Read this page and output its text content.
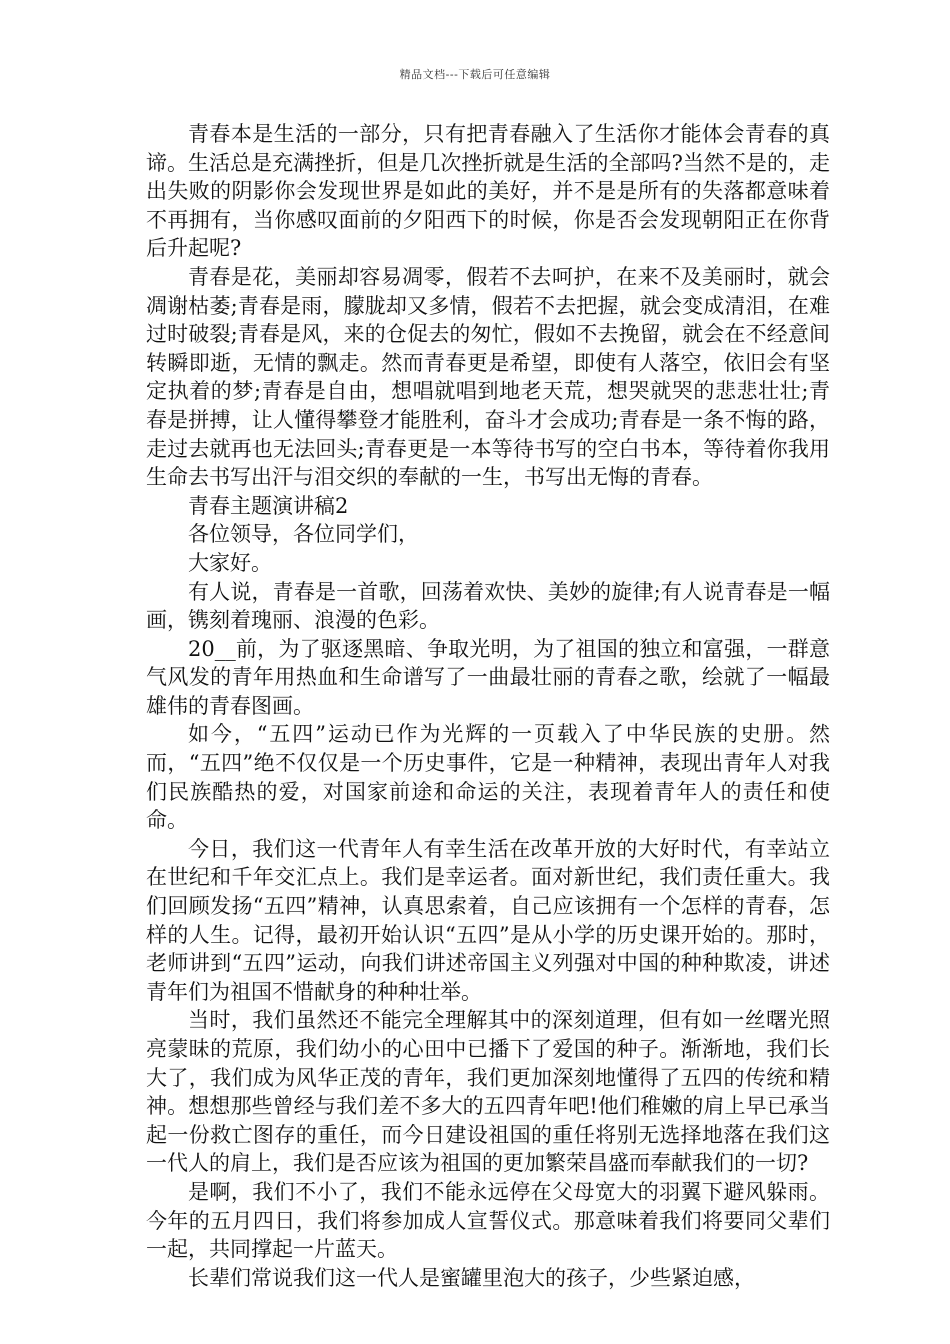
精品文档---下载后可任意编辑

青春本是生活的一部分，只有把青春融入了生活你才能体会青春的真谛。生活总是充满挫折，但是几次挫折就是生活的全部吗?当然不是的，走出失败的阴影你会发现世界是如此的美好，并不是是所有的失落都意味着不再拥有，当你感叹面前的夕阳西下的时候，你是否会发现朝阳正在你背后升起呢?

青春是花，美丽却容易凋零，假若不去呵护，在来不及美丽时，就会凋谢枯萎;青春是雨，朦胧却又多情，假若不去把握，就会变成清泪，在难过时破裂;青春是风，来的仓促去的匆忙，假如不去挽留，就会在不经意间转瞬即逝，无情的飘走。然而青春更是希望，即使有人落空，依旧会有坚定执着的梦;青春是自由，想唱就唱到地老天荒，想哭就哭的悲悲壮壮;青春是拼搏，让人懂得攀登才能胜利，奋斗才会成功;青春是一条不悔的路，走过去就再也无法回头;青春更是一本等待书写的空白书本，等待着你我用生命去书写出汗与泪交织的奉献的一生，书写出无悔的青春。

青春主题演讲稿2

各位领导，各位同学们，

大家好。

有人说，青春是一首歌，回荡着欢快、美妙的旋律;有人说青春是一幅画，镌刻着瑰丽、浪漫的色彩。

20__前，为了驱逐黑暗、争取光明，为了祖国的独立和富强，一群意气风发的青年用热血和生命谱写了一曲最壮丽的青春之歌，绘就了一幅最雄伟的青春图画。

如今，“五四”运动已作为光辉的一页载入了中华民族的史册。然而，“五四”绝不仅仅是一个历史事件，它是一种精神，表现出青年人对我们民族酷热的爱，对国家前途和命运的关注，表现着青年人的责任和使命。

今日，我们这一代青年人有幸生活在改革开放的大好时代，有幸站立在世纪和千年交汇点上。我们是幸运者。面对新世纪，我们责任重大。我们回顾发扬“五四”精神，认真思索着，自己应该拥有一个怎样的青春，怎样的人生。记得，最初开始认识“五四”是从小学的历史课开始的。那时，老师讲到“五四”运动，向我们讲述帝国主义列强对中国的种种欺凌，讲述青年们为祖国不惜献身的种种壮举。

当时，我们虽然还不能完全理解其中的深刻道理，但有如一丝曙光照亮蒙昧的荒原，我们幼小的心田中已播下了爱国的种子。渐渐地，我们长大了，我们成为风华正茂的青年，我们更加深刻地懂得了五四的传统和精神。想想那些曾经与我们差不多大的五四青年吧!他们稚嫩的肩上早已承当起一份救亡图存的重任，而今日建设祖国的重任将别无选择地落在我们这一代人的肩上，我们是否应该为祖国的更加繁荣昌盛而奉献我们的一切?

是啊，我们不小了，我们不能永远停在父母宽大的羽翼下避风躲雨。今年的五月四日，我们将参加成人宣誓仪式。那意味着我们将要同父辈们一起，共同撑起一片蓝天。

长辈们常说我们这一代人是蜜罐里泡大的孩子，少些紧迫感，
